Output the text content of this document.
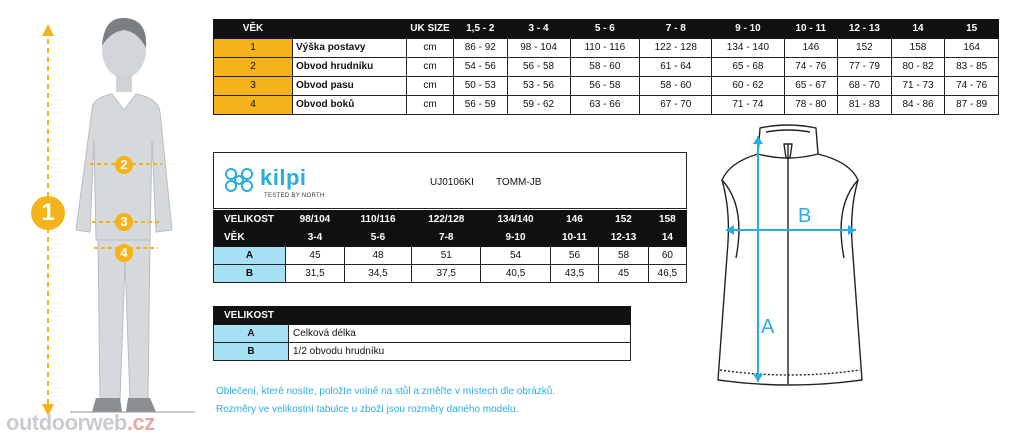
1
2
3
4
VĚK		UK SIZE	1,5 - 2	3 - 4	5 - 6	7 - 8	9 - 10	10 - 11	12 - 13	14	15
1	Výška postavy	cm	86 - 92	98 - 104	110 - 116	122 - 128	134 - 140	146	152	158	164
2	Obvod hrudníku	cm	54 - 56	56 - 58	58 - 60	61 - 64	65 - 68	74 - 76	77 - 79	80 - 82	83 - 85
3	Obvod pasu	cm	50 - 53	53 - 56	56 - 58	58 - 60	60 - 62	65 - 67	68 - 70	71 - 73	74 - 76
4	Obvod boků	cm	56 - 59	59 - 62	63 - 66	67 - 70	71 - 74	78 - 80	81 - 83	84 - 86	87 - 89
kilpi
TESTED BY NORTH
UJ0106KI TOMM-JB
VELIKOST	98/104	110/116	122/128	134/140	146	152	158
VĚK	3-4	5-6	7-8	9-10	10-11	12-13	14
A	45	48	51	54	56	58	60
B	31,5	34,5	37,5	40,5	43,5	45	46,5
VELIKOST	
A	Celková délka
B	1/2 obvodu hrudníku
Oblečení, které nosíte, položte volně na stůl a změřte v místech dle obrázků.
Rozměry ve velikostní tabulce u zboží jsou rozměry daného modelu.
B
A
outdoorweb.cz
